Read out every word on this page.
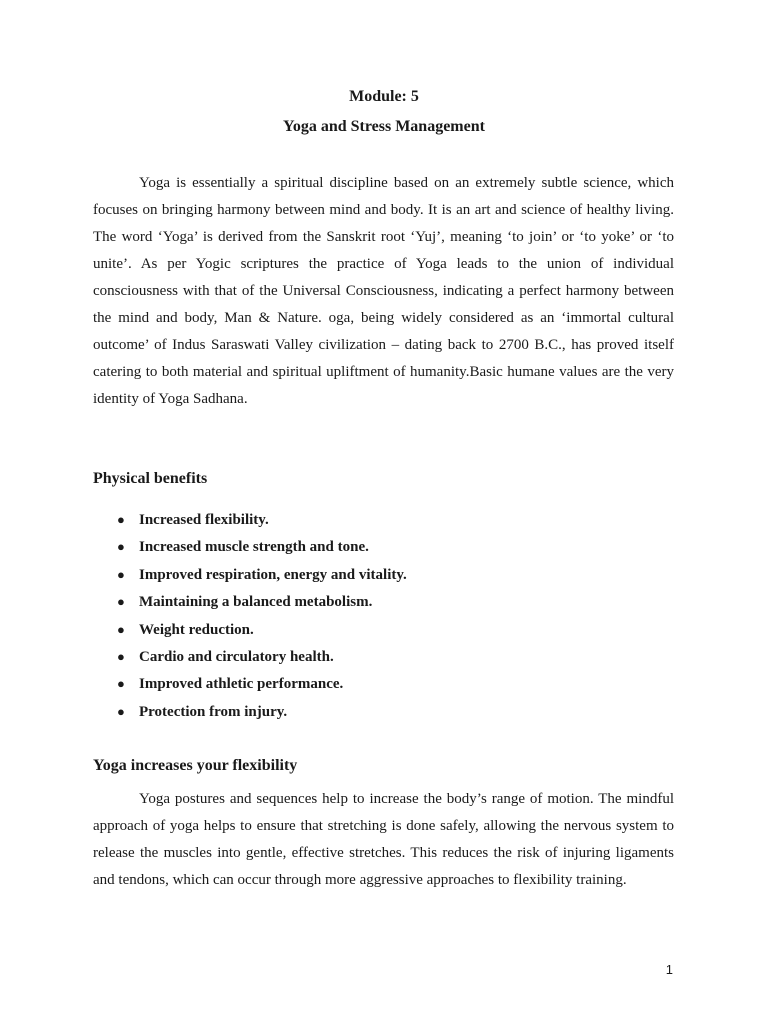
Module: 5
Yoga and Stress Management

Yoga is essentially a spiritual discipline based on an extremely subtle science, which focuses on bringing harmony between mind and body. It is an art and science of healthy living. The word ‘Yoga’ is derived from the Sanskrit root ‘Yuj’, meaning ‘to join’ or ‘to yoke’ or ‘to unite’. As per Yogic scriptures the practice of Yoga leads to the union of individual consciousness with that of the Universal Consciousness, indicating a perfect harmony between the mind and body, Man & Nature. oga, being widely considered as an ‘immortal cultural outcome’ of Indus Saraswati Valley civilization – dating back to 2700 B.C., has proved itself catering to both material and spiritual upliftment of humanity.Basic humane values are the very identity of Yoga Sadhana.

Physical benefits
● Increased flexibility.
● Increased muscle strength and tone.
● Improved respiration, energy and vitality.
● Maintaining a balanced metabolism.
● Weight reduction.
● Cardio and circulatory health.
● Improved athletic performance.
● Protection from injury.
Yoga increases your flexibility

Yoga postures and sequences help to increase the body’s range of motion. The mindful approach of yoga helps to ensure that stretching is done safely, allowing the nervous system to release the muscles into gentle, effective stretches. This reduces the risk of injuring ligaments and tendons, which can occur through more aggressive approaches to flexibility training.

1
